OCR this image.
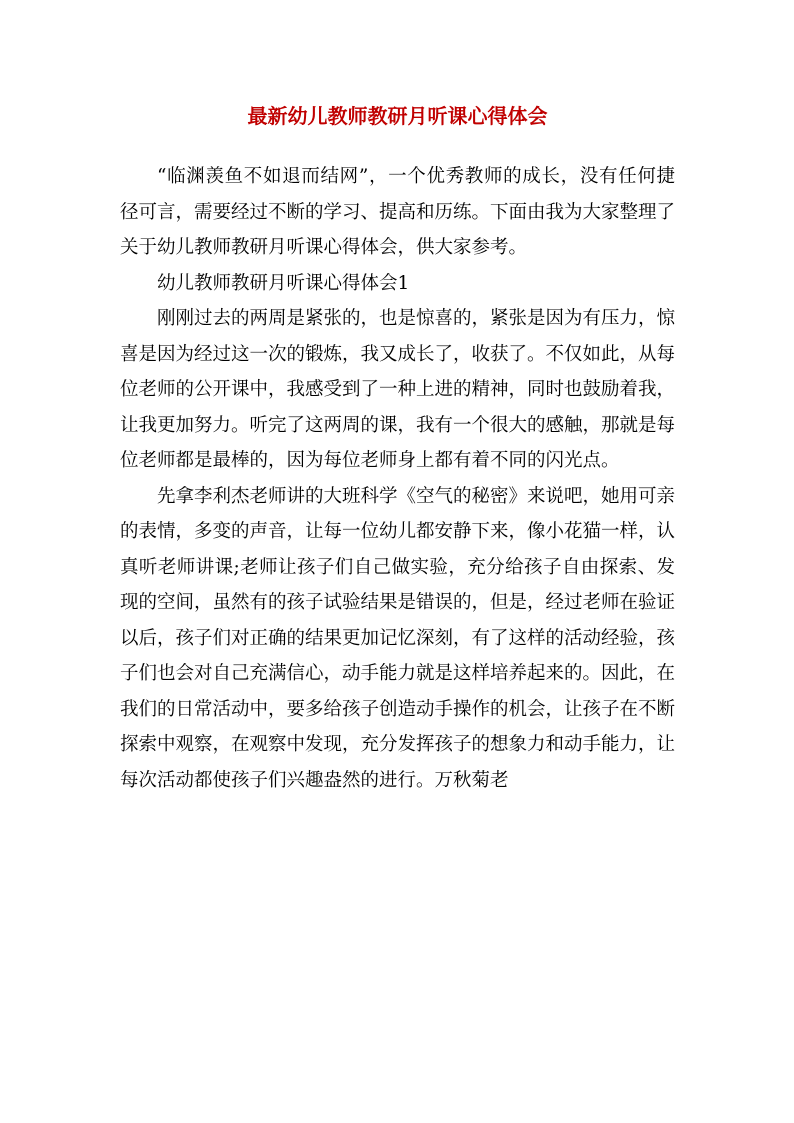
最新幼儿教师教研月听课心得体会

“临渊羡鱼不如退而结网”，一个优秀教师的成长，没有任何捷径可言，需要经过不断的学习、提高和历练。下面由我为大家整理了关于幼儿教师教研月听课心得体会，供大家参考。

幼儿教师教研月听课心得体会1

刚刚过去的两周是紧张的，也是惊喜的，紧张是因为有压力，惊喜是因为经过这一次的锻炼，我又成长了，收获了。不仅如此，从每位老师的公开课中，我感受到了一种上进的精神，同时也鼓励着我，让我更加努力。听完了这两周的课，我有一个很大的感触，那就是每位老师都是最棒的，因为每位老师身上都有着不同的闪光点。

先拿李利杰老师讲的大班科学《空气的秘密》来说吧，她用可亲的表情，多变的声音，让每一位幼儿都安静下来，像小花猫一样，认真听老师讲课;老师让孩子们自己做实验，充分给孩子自由探索、发现的空间，虽然有的孩子试验结果是错误的，但是，经过老师在验证以后，孩子们对正确的结果更加记忆深刻，有了这样的活动经验，孩子们也会对自己充满信心，动手能力就是这样培养起来的。因此，在我们的日常活动中，要多给孩子创造动手操作的机会，让孩子在不断探索中观察，在观察中发现，充分发挥孩子的想象力和动手能力，让每次活动都使孩子们兴趣盎然的进行。万秋菊老
